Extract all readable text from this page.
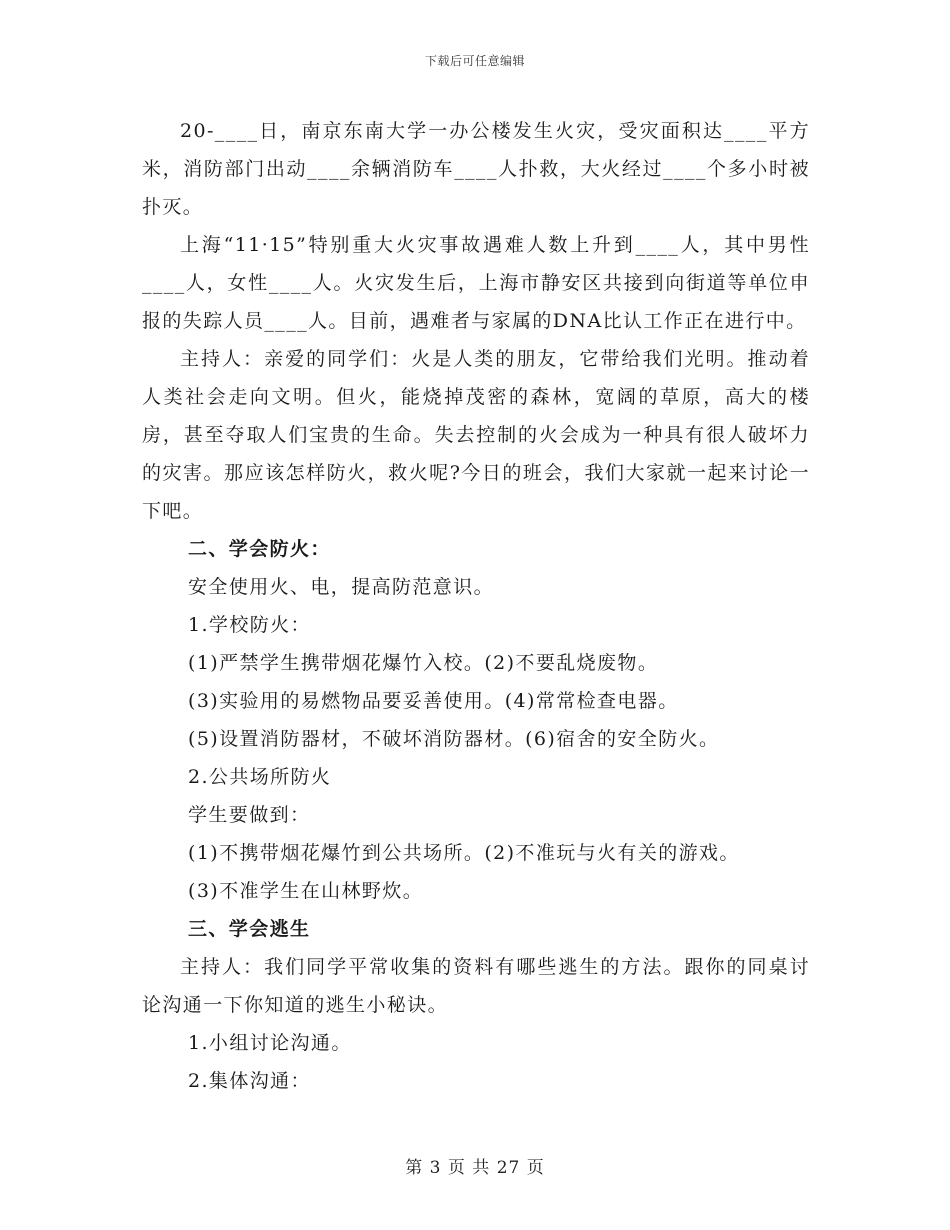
下载后可任意编辑

20-____日，南京东南大学一办公楼发生火灾，受灾面积达____平方米，消防部门出动____余辆消防车____人扑救，大火经过____个多小时被扑灭。

上海“11·15”特别重大火灾事故遇难人数上升到____人，其中男性____人，女性____人。火灾发生后，上海市静安区共接到向街道等单位申报的失踪人员____人。目前，遇难者与家属的DNA比认工作正在进行中。

主持人：亲爱的同学们：火是人类的朋友，它带给我们光明。推动着人类社会走向文明。但火，能烧掉茂密的森林，宽阔的草原，高大的楼房，甚至夺取人们宝贵的生命。失去控制的火会成为一种具有很人破坏力的灾害。那应该怎样防火，救火呢?今日的班会，我们大家就一起来讨论一下吧。

二、学会防火：

安全使用火、电，提高防范意识。

1.学校防火：

(1)严禁学生携带烟花爆竹入校。(2)不要乱烧废物。

(3)实验用的易燃物品要妥善使用。(4)常常检查电器。

(5)设置消防器材，不破坏消防器材。(6)宿舍的安全防火。

2.公共场所防火

学生要做到：

(1)不携带烟花爆竹到公共场所。(2)不准玩与火有关的游戏。

(3)不准学生在山林野炊。

三、学会逃生

主持人：我们同学平常收集的资料有哪些逃生的方法。跟你的同桌讨论沟通一下你知道的逃生小秘诀。

1.小组讨论沟通。

2.集体沟通：

第 3 页 共 27 页
